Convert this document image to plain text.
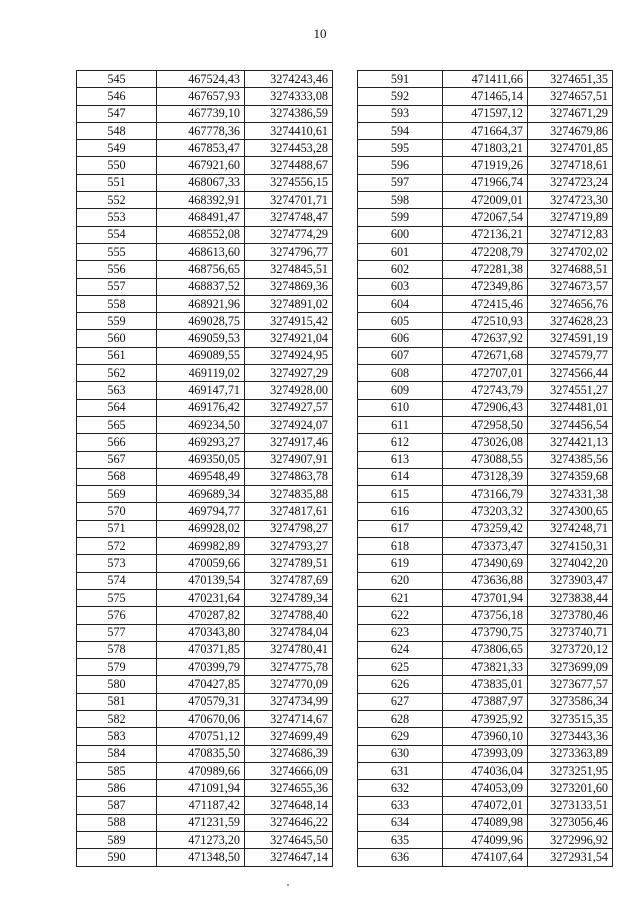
10
545	467524,43	3274243,46
546	467657,93	3274333,08
547	467739,10	3274386,59
548	467778,36	3274410,61
549	467853,47	3274453,28
550	467921,60	3274488,67
551	468067,33	3274556,15
552	468392,91	3274701,71
553	468491,47	3274748,47
554	468552,08	3274774,29
555	468613,60	3274796,77
556	468756,65	3274845,51
557	468837,52	3274869,36
558	468921,96	3274891,02
559	469028,75	3274915,42
560	469059,53	3274921,04
561	469089,55	3274924,95
562	469119,02	3274927,29
563	469147,71	3274928,00
564	469176,42	3274927,57
565	469234,50	3274924,07
566	469293,27	3274917,46
567	469350,05	3274907,91
568	469548,49	3274863,78
569	469689,34	3274835,88
570	469794,77	3274817,61
571	469928,02	3274798,27
572	469982,89	3274793,27
573	470059,66	3274789,51
574	470139,54	3274787,69
575	470231,64	3274789,34
576	470287,82	3274788,40
577	470343,80	3274784,04
578	470371,85	3274780,41
579	470399,79	3274775,78
580	470427,85	3274770,09
581	470579,31	3274734,99
582	470670,06	3274714,67
583	470751,12	3274699,49
584	470835,50	3274686,39
585	470989,66	3274666,09
586	471091,94	3274655,36
587	471187,42	3274648,14
588	471231,59	3274646,22
589	471273,20	3274645,50
590	471348,50	3274647,14
591	471411,66	3274651,35
592	471465,14	3274657,51
593	471597,12	3274671,29
594	471664,37	3274679,86
595	471803,21	3274701,85
596	471919,26	3274718,61
597	471966,74	3274723,24
598	472009,01	3274723,30
599	472067,54	3274719,89
600	472136,21	3274712,83
601	472208,79	3274702,02
602	472281,38	3274688,51
603	472349,86	3274673,57
604	472415,46	3274656,76
605	472510,93	3274628,23
606	472637,92	3274591,19
607	472671,68	3274579,77
608	472707,01	3274566,44
609	472743,79	3274551,27
610	472906,43	3274481,01
611	472958,50	3274456,54
612	473026,08	3274421,13
613	473088,55	3274385,56
614	473128,39	3274359,68
615	473166,79	3274331,38
616	473203,32	3274300,65
617	473259,42	3274248,71
618	473373,47	3274150,31
619	473490,69	3274042,20
620	473636,88	3273903,47
621	473701,94	3273838,44
622	473756,18	3273780,46
623	473790,75	3273740,71
624	473806,65	3273720,12
625	473821,33	3273699,09
626	473835,01	3273677,57
627	473887,97	3273586,34
628	473925,92	3273515,35
629	473960,10	3273443,36
630	473993,09	3273363,89
631	474036,04	3273251,95
632	474053,09	3273201,60
633	474072,01	3273133,51
634	474089,98	3273056,46
635	474099,96	3272996,92
636	474107,64	3272931,54
